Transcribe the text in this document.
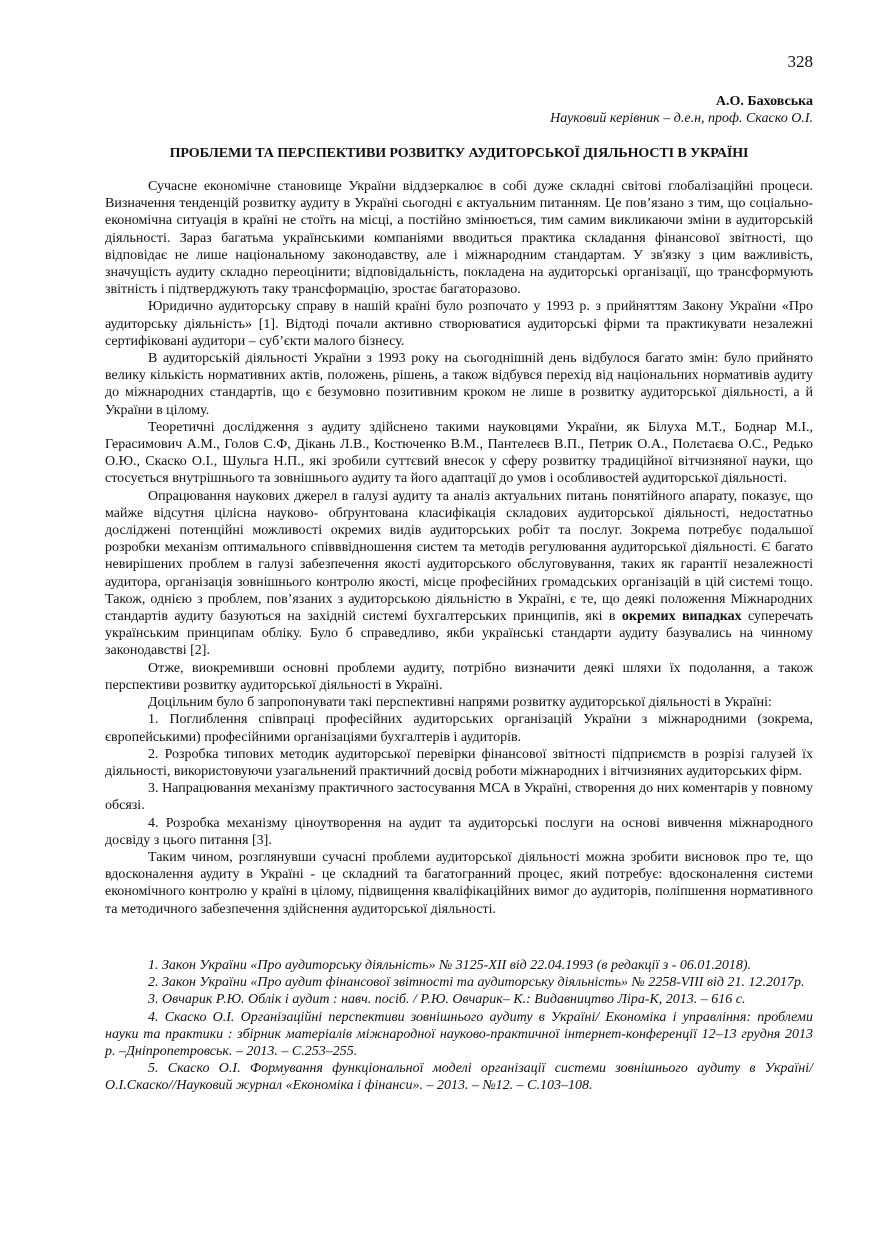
328
А.О. Баховська
Науковий керівник – д.е.н, проф. Скаско О.І.
ПРОБЛЕМИ ТА ПЕРСПЕКТИВИ РОЗВИТКУ АУДИТОРСЬКОЇ ДІЯЛЬНОСТІ В УКРАЇНІ

Сучасне економічне становище України віддзеркалює в собі дуже складні світові глобалізаційні процеси. Визначення тенденцій розвитку аудиту в Україні сьогодні є актуальним питанням. Це пов’язано з тим, що соціально-економічна ситуація в країні не стоїть на місці, а постійно змінюється, тим самим викликаючи зміни в аудиторській діяльності. Зараз багатьма українськими компаніями вводиться практика складання фінансової звітності, що відповідає не лише національному законодавству, але і міжнародним стандартам. У зв'язку з цим важливість, значущість аудиту складно переоцінити; відповідальність, покладена на аудиторські організації, що трансформують звітність і підтверджують таку трансформацію, зростає багаторазово.

Юридично аудиторську справу в нашій країні було розпочато у 1993 р. з прийняттям Закону України «Про аудиторську діяльність» [1]. Відтоді почали активно створюватися аудиторські фірми та практикувати незалежні сертифіковані аудитори – суб’єкти малого бізнесу.

В аудиторській діяльності України з 1993 року на сьогоднішній день відбулося багато змін: було прийнято велику кількість нормативних актів, положень, рішень, а також відбувся перехід від національних нормативів аудиту до міжнародних стандартів, що є безумовно позитивним кроком не лише в розвитку аудиторської діяльності, а й України в цілому.

Теоретичні дослідження з аудиту здійснено такими науковцями України, як Білуха М.Т., Боднар М.І., Герасимович А.М., Голов С.Ф, Дікань Л.В., Костюченко В.М., Пантелеєв В.П., Петрик О.А., Полєтаєва О.С., Редько О.Ю., Скаско О.І., Шульга Н.П., які зробили суттєвий внесок у сферу розвитку традиційної вітчизняної науки, що стосується внутрішнього та зовнішнього аудиту та його адаптації до умов і особливостей аудиторської діяльності.

Опрацювання наукових джерел в галузі аудиту та аналіз актуальних питань понятійного апарату, показує, що майже відсутня цілісна науково- обґрунтована класифікація складових аудиторської діяльності, недостатньо досліджені потенційні можливості окремих видів аудиторських робіт та послуг. Зокрема потребує подальшої розробки механізм оптимального співввідношення систем та методів регулювання аудиторської діяльності. Є багато невирішених проблем в галузі забезпечення якості аудиторського обслуговування, таких як гарантії незалежності аудитора, організація зовнішнього контролю якості, місце професійних громадських організацій в цій системі тощо. Також, однією з проблем, пов’язаних з аудиторською діяльністю в Україні, є те, що деякі положення Міжнародних стандартів аудиту базуються на західній системі бухгалтерських принципів, які в окремих випадках суперечать українським принципам обліку. Було б справедливо, якби українські стандарти аудиту базувались на чинному законодавстві [2].

Отже, виокремивши основні проблеми аудиту, потрібно визначити деякі шляхи їх подолання, а також перспективи розвитку аудиторської діяльності в Україні.

Доцільним було б запропонувати такі перспективні напрями розвитку аудиторської діяльності в Україні:

1. Поглиблення співпраці професійних аудиторських організацій України з міжнародними (зокрема, європейськими) професійними організаціями бухгалтерів і аудиторів.

2. Розробка типових методик аудиторської перевірки фінансової звітності підприємств в розрізі галузей їх діяльності, використовуючи узагальнений практичний досвід роботи міжнародних і вітчизняних аудиторських фірм.

3. Напрацювання механізму практичного застосування МСА в Україні, створення до них коментарів у повному обсязі.

4. Розробка механізму ціноутворення на аудит та аудиторські послуги на основі вивчення міжнародного досвіду з цього питання [3].

Таким чином, розглянувши сучасні проблеми аудиторської діяльності можна зробити висновок про те, що вдосконалення аудиту в Україні - це складний та багатогранний процес, який потребує: вдосконалення системи економічного контролю у країні в цілому, підвищення кваліфікаційних вимог до аудиторів, поліпшення нормативного та методичного забезпечення здійснення аудиторської діяльності.

1. Закон України «Про аудиторську діяльність» № 3125-XII від 22.04.1993 (в редакції з - 06.01.2018).

2. Закон України «Про аудит фінансової звітності та аудиторську діяльність» № 2258-VIII від 21. 12.2017р.

3. Овчарик Р.Ю. Облік і аудит : навч. посіб. / Р.Ю. Овчарик– К.: Видавництво Ліра-К, 2013. – 616 с.

4. Скаско О.І. Організаційні перспективи зовнішнього аудиту в Україні/ Економіка і управління: проблеми науки та практики : збірник матеріалів міжнародної науково-практичної інтернет-конференції 12–13 грудня 2013 р. –Дніпропетровськ. – 2013. – С.253–255.

5. Скаско О.І. Формування функціональної моделі організації системи зовнішнього аудиту в Україні/О.І.Скаско//Науковий журнал «Економіка і фінанси». – 2013. – №12. – С.103–108.
